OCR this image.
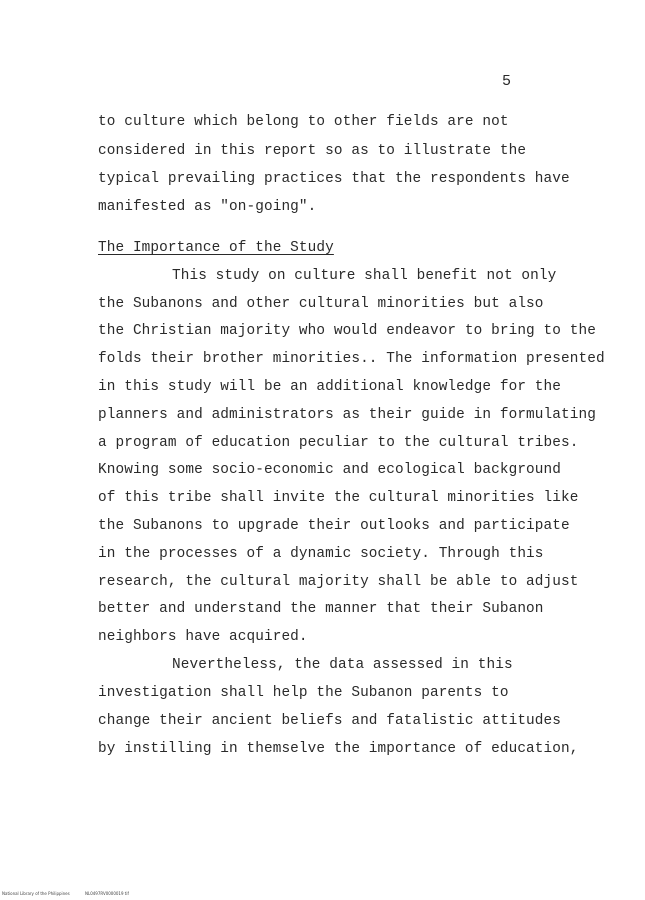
5
to culture which belong to other fields are not
considered in this report so as to illustrate the
typical prevailing practices that the respondents have
manifested as "on-going".
The Importance of the Study
This study on culture shall benefit not only
the Subanons and other cultural minorities but also
the Christian majority who would endeavor to bring to the
folds their brother minorities.. The information presented
in this study will be an additional knowledge for the
planners and administrators as their guide in formulating
a program of education peculiar to the cultural tribes.
Knowing some socio-economic and ecological background
of this tribe shall invite the cultural minorities like
the Subanons to upgrade their outlooks and participate
in the processes of a dynamic society. Through this
research, the cultural majority shall be able to adjust
better and understand the manner that their Subanon
neighbors have acquired.
Nevertheless, the data assessed in this
investigation shall help the Subanon parents to
change their ancient beliefs and fatalistic attitudes
by instilling in themselve the importance of education,
National Library of the Philippines	NL0497RV0000019 tif
